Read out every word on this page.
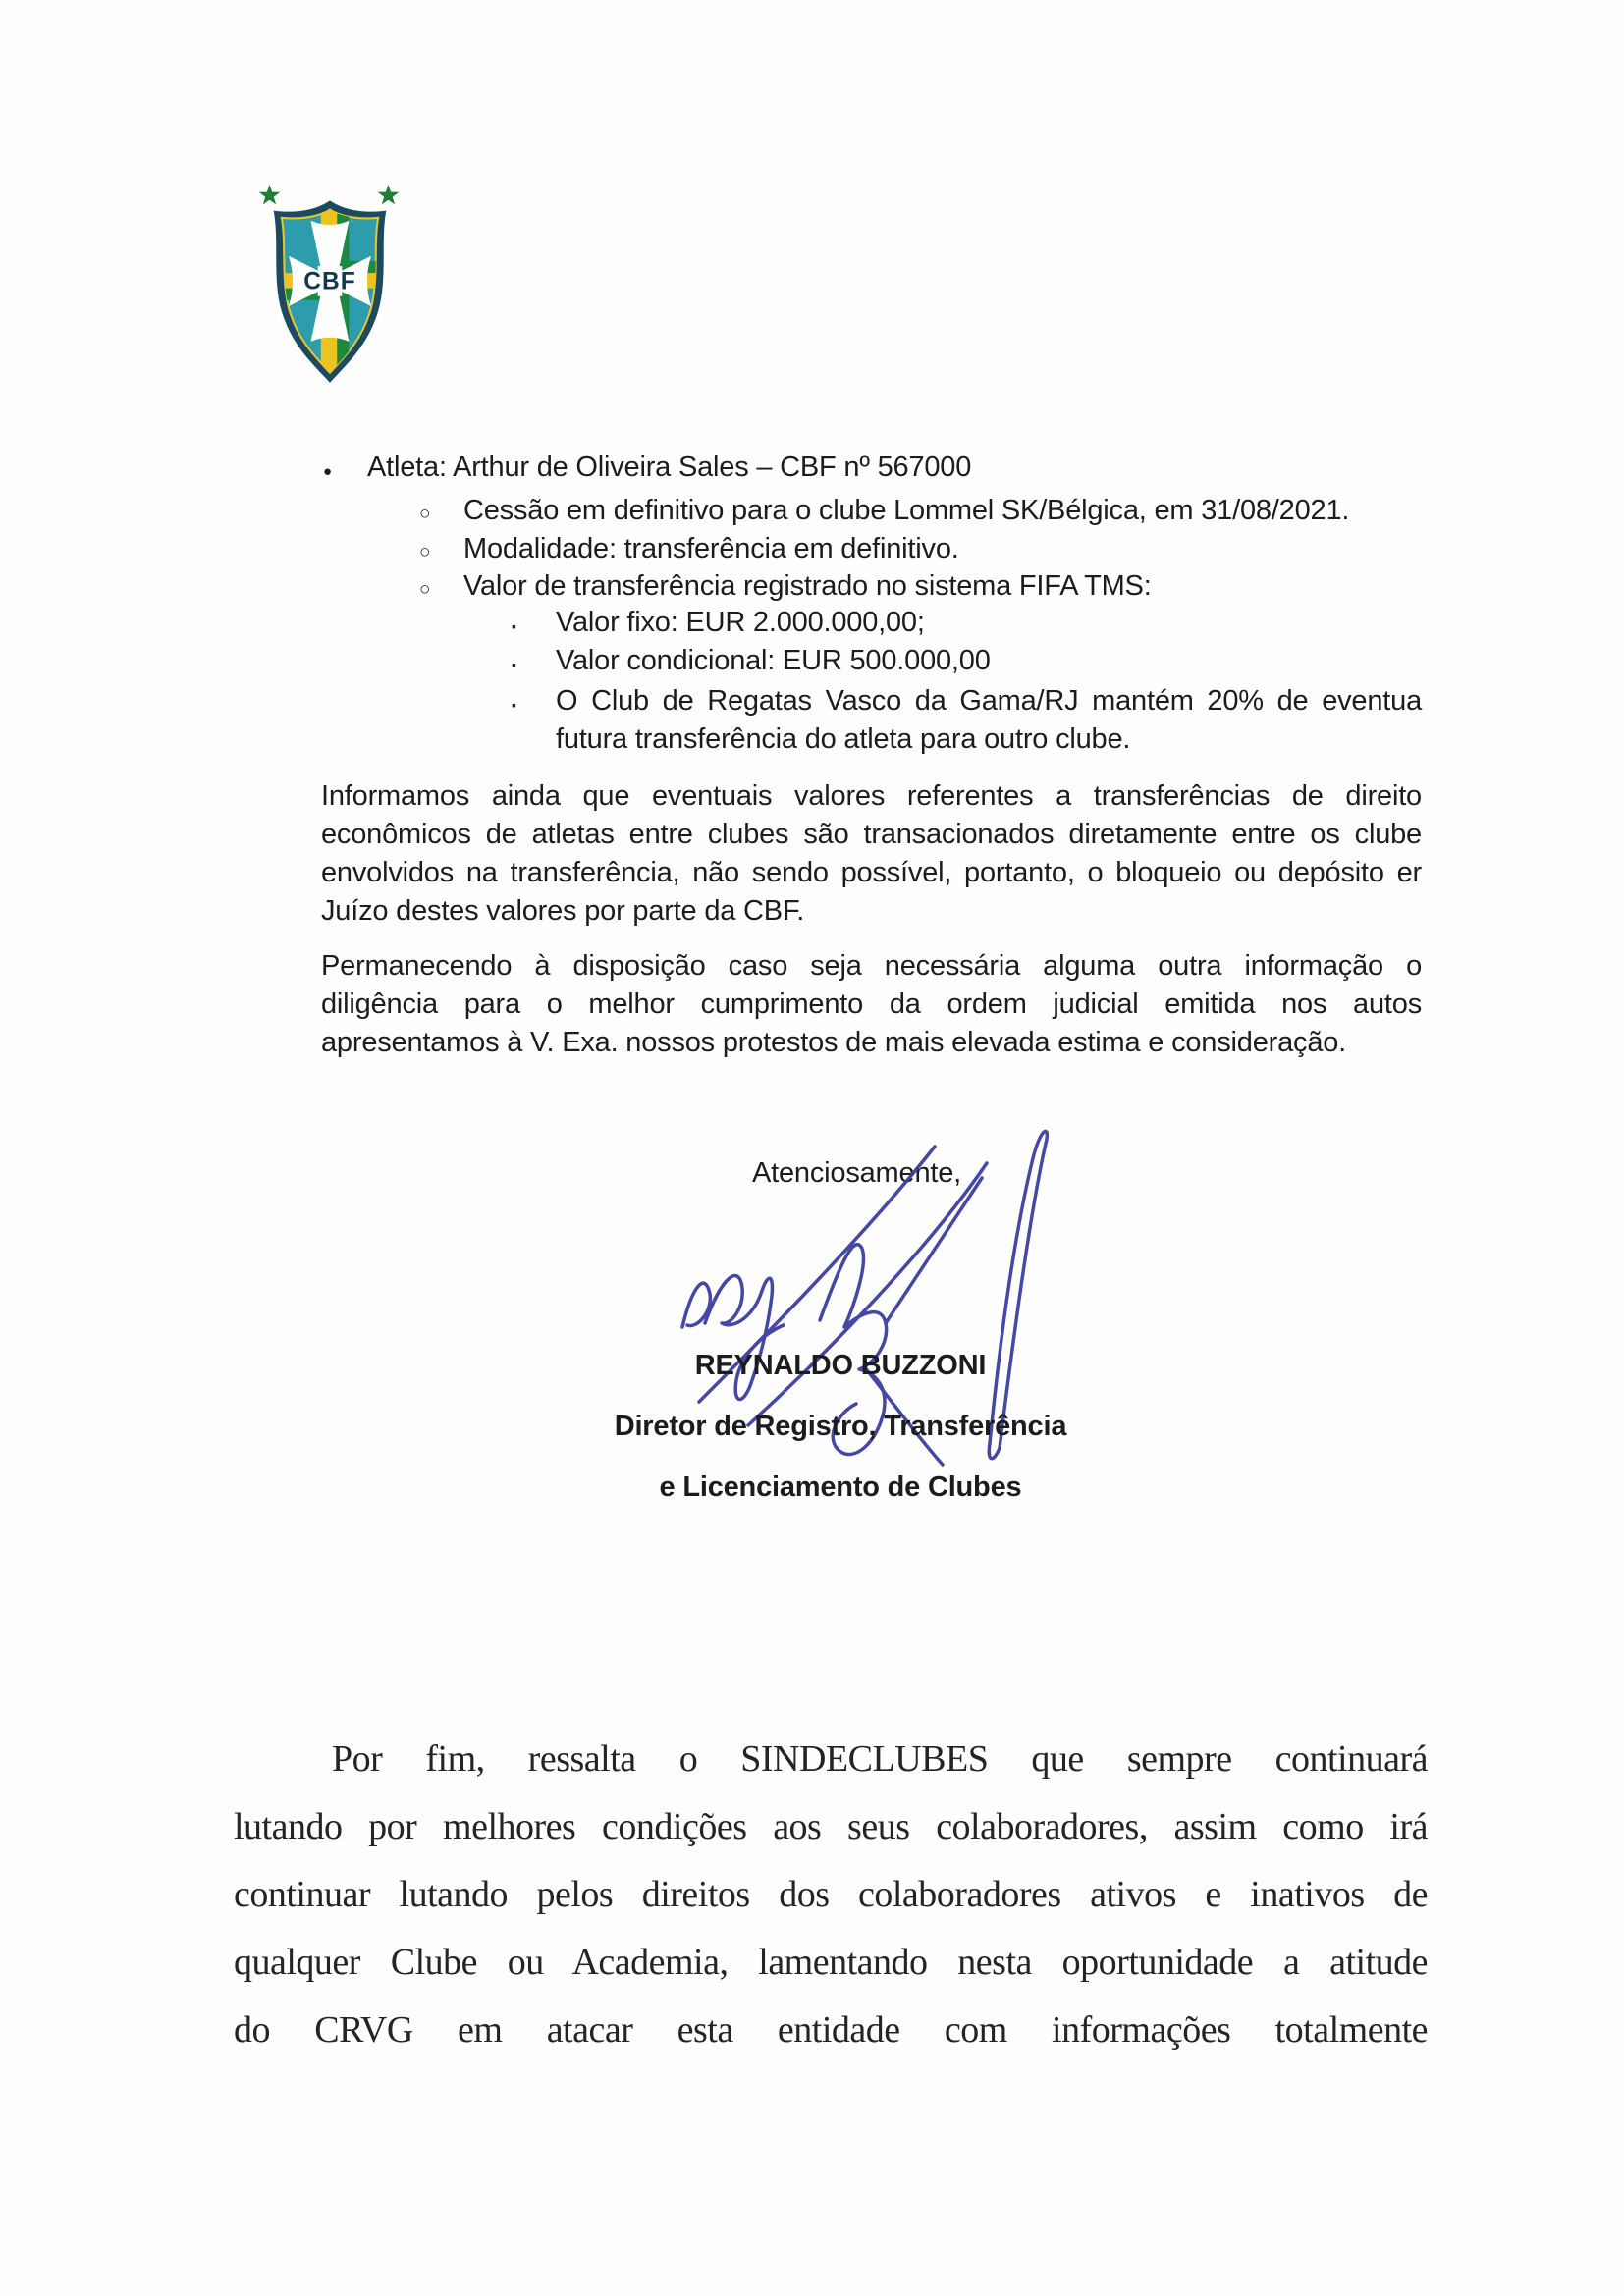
CBF
●	Atleta: Arthur de Oliveira Sales – CBF nº 567000
○	Cessão em definitivo para o clube Lommel SK/Bélgica, em 31/08/2021.
○	Modalidade: transferência em definitivo.
○	Valor de transferência registrado no sistema FIFA TMS:
▪	Valor fixo: EUR 2.000.000,00;
▪	Valor condicional: EUR 500.000,00
▪	O Club de Regatas Vasco da Gama/RJ mantém 20% de eventua
futura transferência do atleta para outro clube.
Informamos ainda que eventuais valores referentes a transferências de direito
econômicos de atletas entre clubes são transacionados diretamente entre os clube
envolvidos na transferência, não sendo possível, portanto, o bloqueio ou depósito er
Juízo destes valores por parte da CBF.
Permanecendo à disposição caso seja necessária alguma outra informação o
diligência para o melhor cumprimento da ordem judicial emitida nos autos
apresentamos à V. Exa. nossos protestos de mais elevada estima e consideração.
Atenciosamente,
REYNALDO BUZZONI
Diretor de Registro, Transferência
e Licenciamento de Clubes
Por fim, ressalta o SINDECLUBES que sempre continuará
lutando por melhores condições aos seus colaboradores, assim como irá
continuar lutando pelos direitos dos colaboradores ativos e inativos de
qualquer Clube ou Academia, lamentando nesta oportunidade a atitude
do CRVG em atacar esta entidade com informações totalmente
